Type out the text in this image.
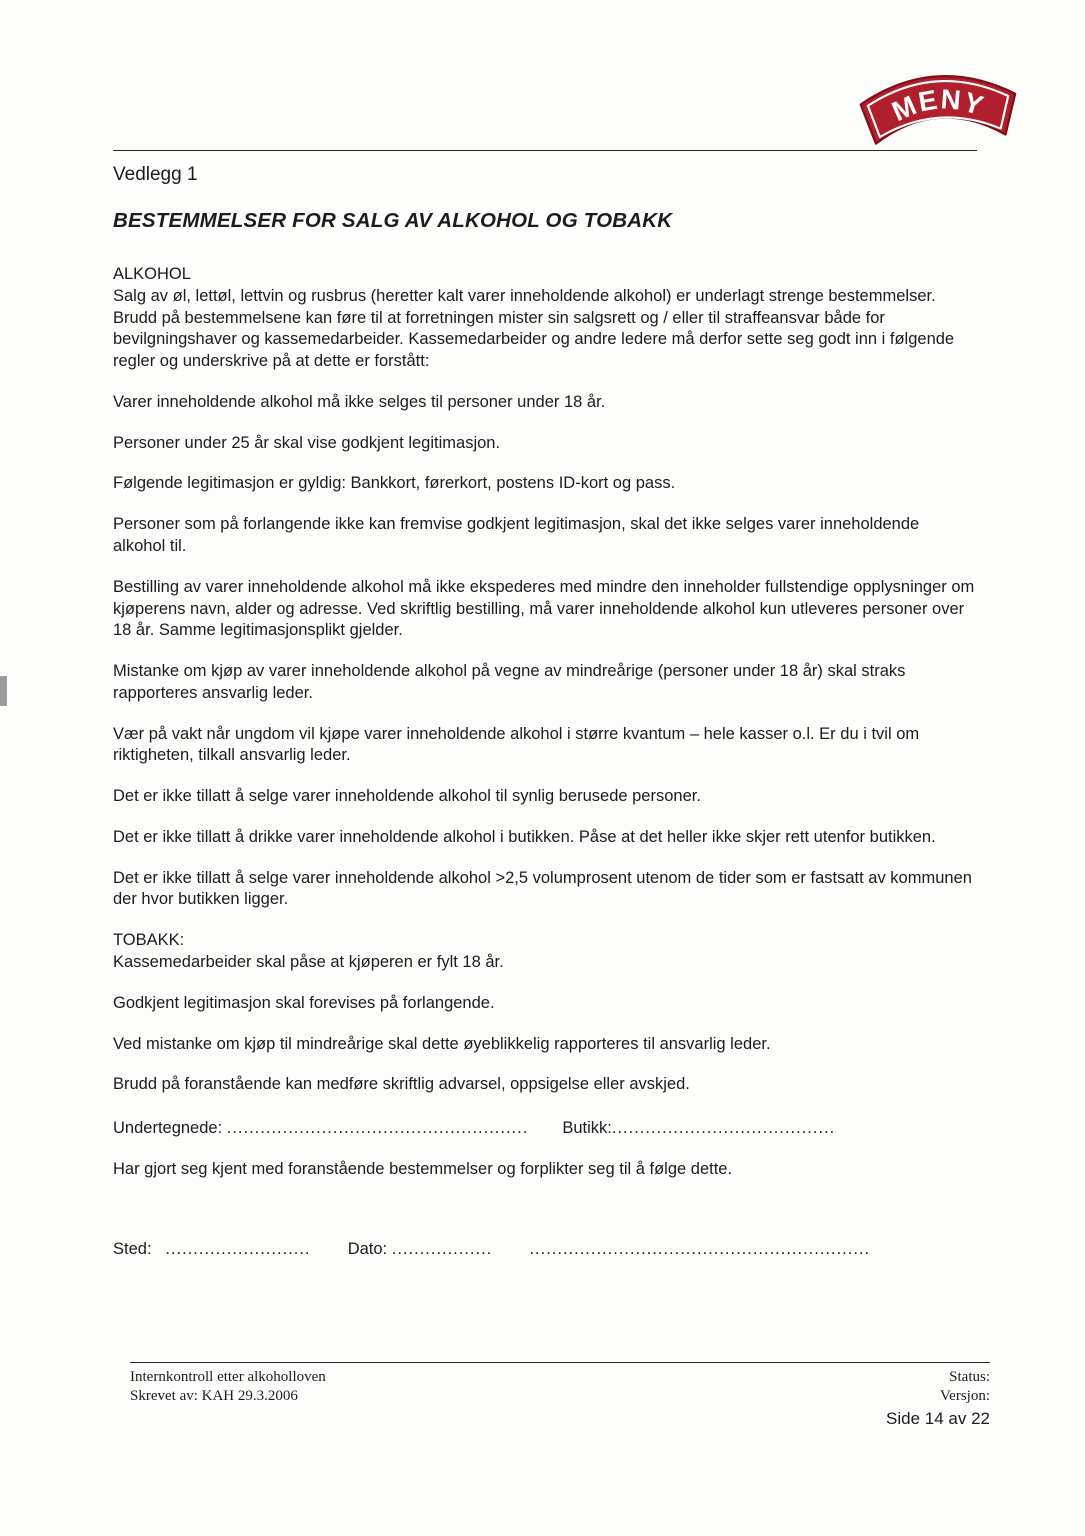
MENY

Vedlegg 1

BESTEMMELSER FOR SALG AV ALKOHOL OG TOBAKK

ALKOHOL

Salg av øl, lettøl, lettvin og rusbrus (heretter kalt varer inneholdende alkohol) er underlagt strenge bestemmelser. Brudd på bestemmelsene kan føre til at forretningen mister sin salgsrett og / eller til straffeansvar både for bevilgningshaver og kassemedarbeider. Kassemedarbeider og andre ledere må derfor sette seg godt inn i følgende regler og underskrive på at dette er forstått:

Varer inneholdende alkohol må ikke selges til personer under 18 år.

Personer under 25 år skal vise godkjent legitimasjon.

Følgende legitimasjon er gyldig: Bankkort, førerkort, postens ID-kort og pass.

Personer som på forlangende ikke kan fremvise godkjent legitimasjon, skal det ikke selges varer inneholdende alkohol til.

Bestilling av varer inneholdende alkohol må ikke ekspederes med mindre den inneholder fullstendige opplysninger om kjøperens navn, alder og adresse. Ved skriftlig bestilling, må varer inneholdende alkohol kun utleveres personer over 18 år. Samme legitimasjonsplikt gjelder.

Mistanke om kjøp av varer inneholdende alkohol på vegne av mindreårige (personer under 18 år) skal straks rapporteres ansvarlig leder.

Vær på vakt når ungdom vil kjøpe varer inneholdende alkohol i større kvantum – hele kasser o.l. Er du i tvil om riktigheten, tilkall ansvarlig leder.

Det er ikke tillatt å selge varer inneholdende alkohol til synlig berusede personer.

Det er ikke tillatt å drikke varer inneholdende alkohol i butikken. Påse at det heller ikke skjer rett utenfor butikken.

Det er ikke tillatt å selge varer inneholdende alkohol >2,5 volumprosent utenom de tider som er fastsatt av kommunen der hvor butikken ligger.

TOBAKK:

Kassemedarbeider skal påse at kjøperen er fylt 18 år.

Godkjent legitimasjon skal forevises på forlangende.

Ved mistanke om kjøp til mindreårige skal dette øyeblikkelig rapporteres til ansvarlig leder.

Brudd på foranstående kan medføre skriftlig advarsel, oppsigelse eller avskjed.

Undertegnede:
...................................................... Butikk: ........................................

Har gjort seg kjent med foranstående bestemmelser og forplikter seg til å følge dette.

Sted: .......................... Dato: .................. .............................................................
Internkontroll etter alkoholloven
Skrevet av: KAH 29.3.2006
Status:
Versjon:
Side 14 av 22
